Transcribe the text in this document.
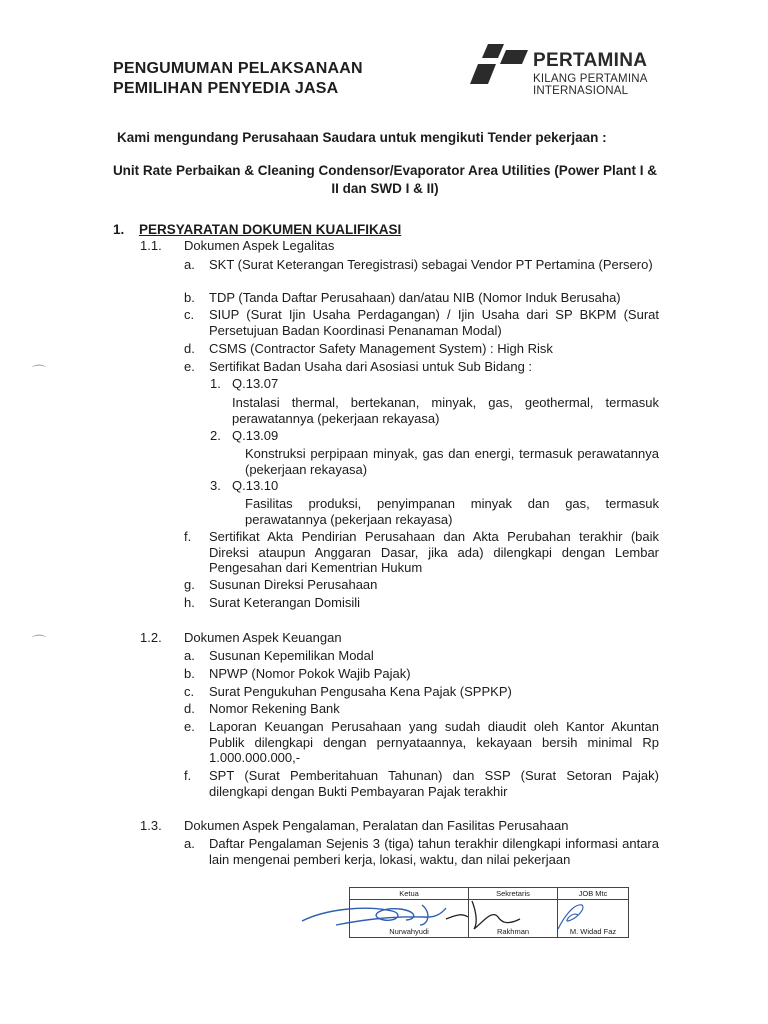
PENGUMUMAN PELAKSANAAN
PEMILIHAN PENYEDIA JASA
PERTAMINA
KILANG PERTAMINA
INTERNASIONAL
Kami mengundang Perusahaan Saudara untuk mengikuti Tender pekerjaan :
Unit Rate Perbaikan & Cleaning Condensor/Evaporator Area Utilities (Power Plant I & II dan SWD I & II)
1. PERSYARATAN DOKUMEN KUALIFIKASI
1.1. Dokumen Aspek Legalitas
a. SKT (Surat Keterangan Teregistrasi) sebagai Vendor PT Pertamina (Persero)
b. TDP (Tanda Daftar Perusahaan) dan/atau NIB (Nomor Induk Berusaha)
c. SIUP (Surat Ijin Usaha Perdagangan) / Ijin Usaha dari SP BKPM (Surat Persetujuan Badan Koordinasi Penanaman Modal)
d. CSMS (Contractor Safety Management System) : High Risk
e. Sertifikat Badan Usaha dari Asosiasi untuk Sub Bidang :
1. Q.13.07
Instalasi thermal, bertekanan, minyak, gas, geothermal, termasuk perawatannya (pekerjaan rekayasa)
2. Q.13.09
Konstruksi perpipaan minyak, gas dan energi, termasuk perawatannya (pekerjaan rekayasa)
3. Q.13.10
Fasilitas produksi, penyimpanan minyak dan gas, termasuk perawatannya (pekerjaan rekayasa)
f. Sertifikat Akta Pendirian Perusahaan dan Akta Perubahan terakhir (baik Direksi ataupun Anggaran Dasar, jika ada) dilengkapi dengan Lembar Pengesahan dari Kementrian Hukum
g. Susunan Direksi Perusahaan
h. Surat Keterangan Domisili
1.2. Dokumen Aspek Keuangan
a. Susunan Kepemilikan Modal
b. NPWP (Nomor Pokok Wajib Pajak)
c. Surat Pengukuhan Pengusaha Kena Pajak (SPPKP)
d. Nomor Rekening Bank
e. Laporan Keuangan Perusahaan yang sudah diaudit oleh Kantor Akuntan Publik dilengkapi dengan pernyataannya, kekayaan bersih minimal Rp 1.000.000.000,-
f. SPT (Surat Pemberitahuan Tahunan) dan SSP (Surat Setoran Pajak) dilengkapi dengan Bukti Pembayaran Pajak terakhir
1.3. Dokumen Aspek Pengalaman, Peralatan dan Fasilitas Perusahaan
a. Daftar Pengalaman Sejenis 3 (tiga) tahun terakhir dilengkapi informasi antara lain mengenai pemberi kerja, lokasi, waktu, dan nilai pekerjaan
⌒
⌒
Ketua	Sekretaris	JOB Mtc
Nurwahyudi	Rakhman	M. Widad Faz
